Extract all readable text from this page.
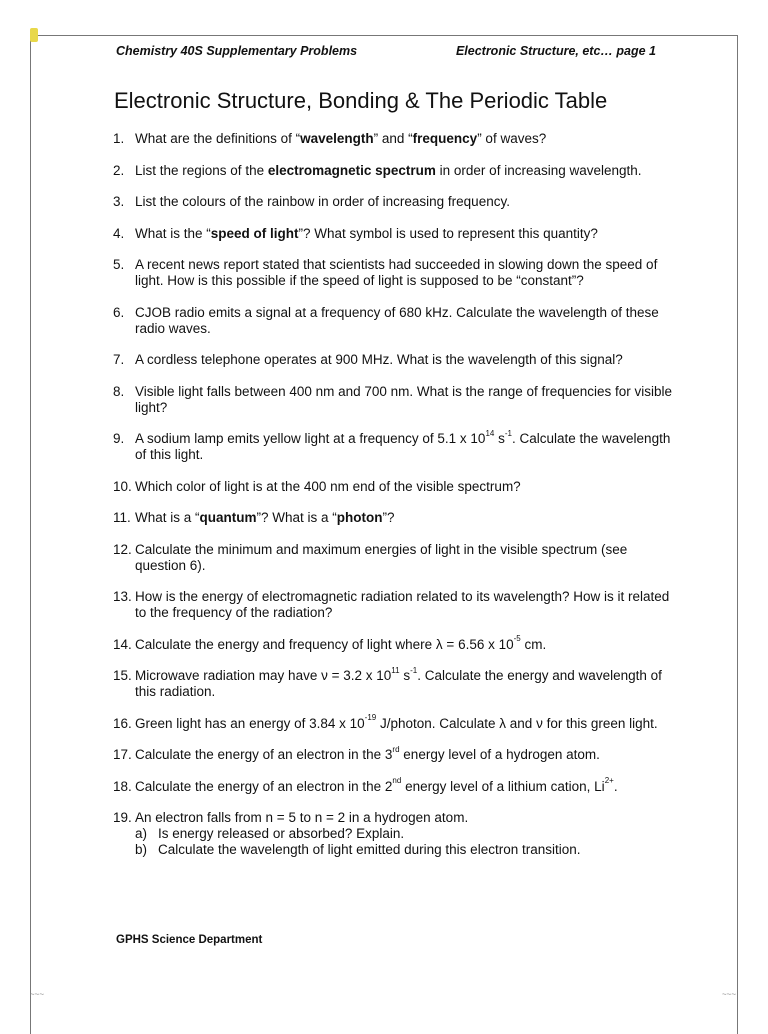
Chemistry 40S Supplementary Problems	Electronic Structure, etc… page 1
Electronic Structure, Bonding & The Periodic Table
1. What are the definitions of “wavelength” and “frequency” of waves?
2. List the regions of the electromagnetic spectrum in order of increasing wavelength.
3. List the colours of the rainbow in order of increasing frequency.
4. What is the “speed of light”? What symbol is used to represent this quantity?
5. A recent news report stated that scientists had succeeded in slowing down the speed of light. How is this possible if the speed of light is supposed to be “constant”?
6. CJOB radio emits a signal at a frequency of 680 kHz. Calculate the wavelength of these radio waves.
7. A cordless telephone operates at 900 MHz. What is the wavelength of this signal?
8. Visible light falls between 400 nm and 700 nm. What is the range of frequencies for visible light?
9. A sodium lamp emits yellow light at a frequency of 5.1 x $10^{14}$ $s^{-1}$. Calculate the wavelength of this light.
10. Which color of light is at the 400 nm end of the visible spectrum?
11. What is a “quantum”? What is a “photon”?
12. Calculate the minimum and maximum energies of light in the visible spectrum (see question 6).
13. How is the energy of electromagnetic radiation related to its wavelength? How is it related to the frequency of the radiation?
14. Calculate the energy and frequency of light where λ = 6.56 x $10^{-5}$ cm.
15. Microwave radiation may have ν = 3.2 x $10^{11}$ $s^{-1}$. Calculate the energy and wavelength of this radiation.
16. Green light has an energy of 3.84 x $10^{-19}$ J/photon. Calculate λ and ν for this green light.
17. Calculate the energy of an electron in the 3rd energy level of a hydrogen atom.
18. Calculate the energy of an electron in the 2nd energy level of a lithium cation, $Li^{2+}$.
19. An electron falls from n = 5 to n = 2 in a hydrogen atom.
a) Is energy released or absorbed? Explain.
b) Calculate the wavelength of light emitted during this electron transition.
GPHS Science Department
~~~	~~~
